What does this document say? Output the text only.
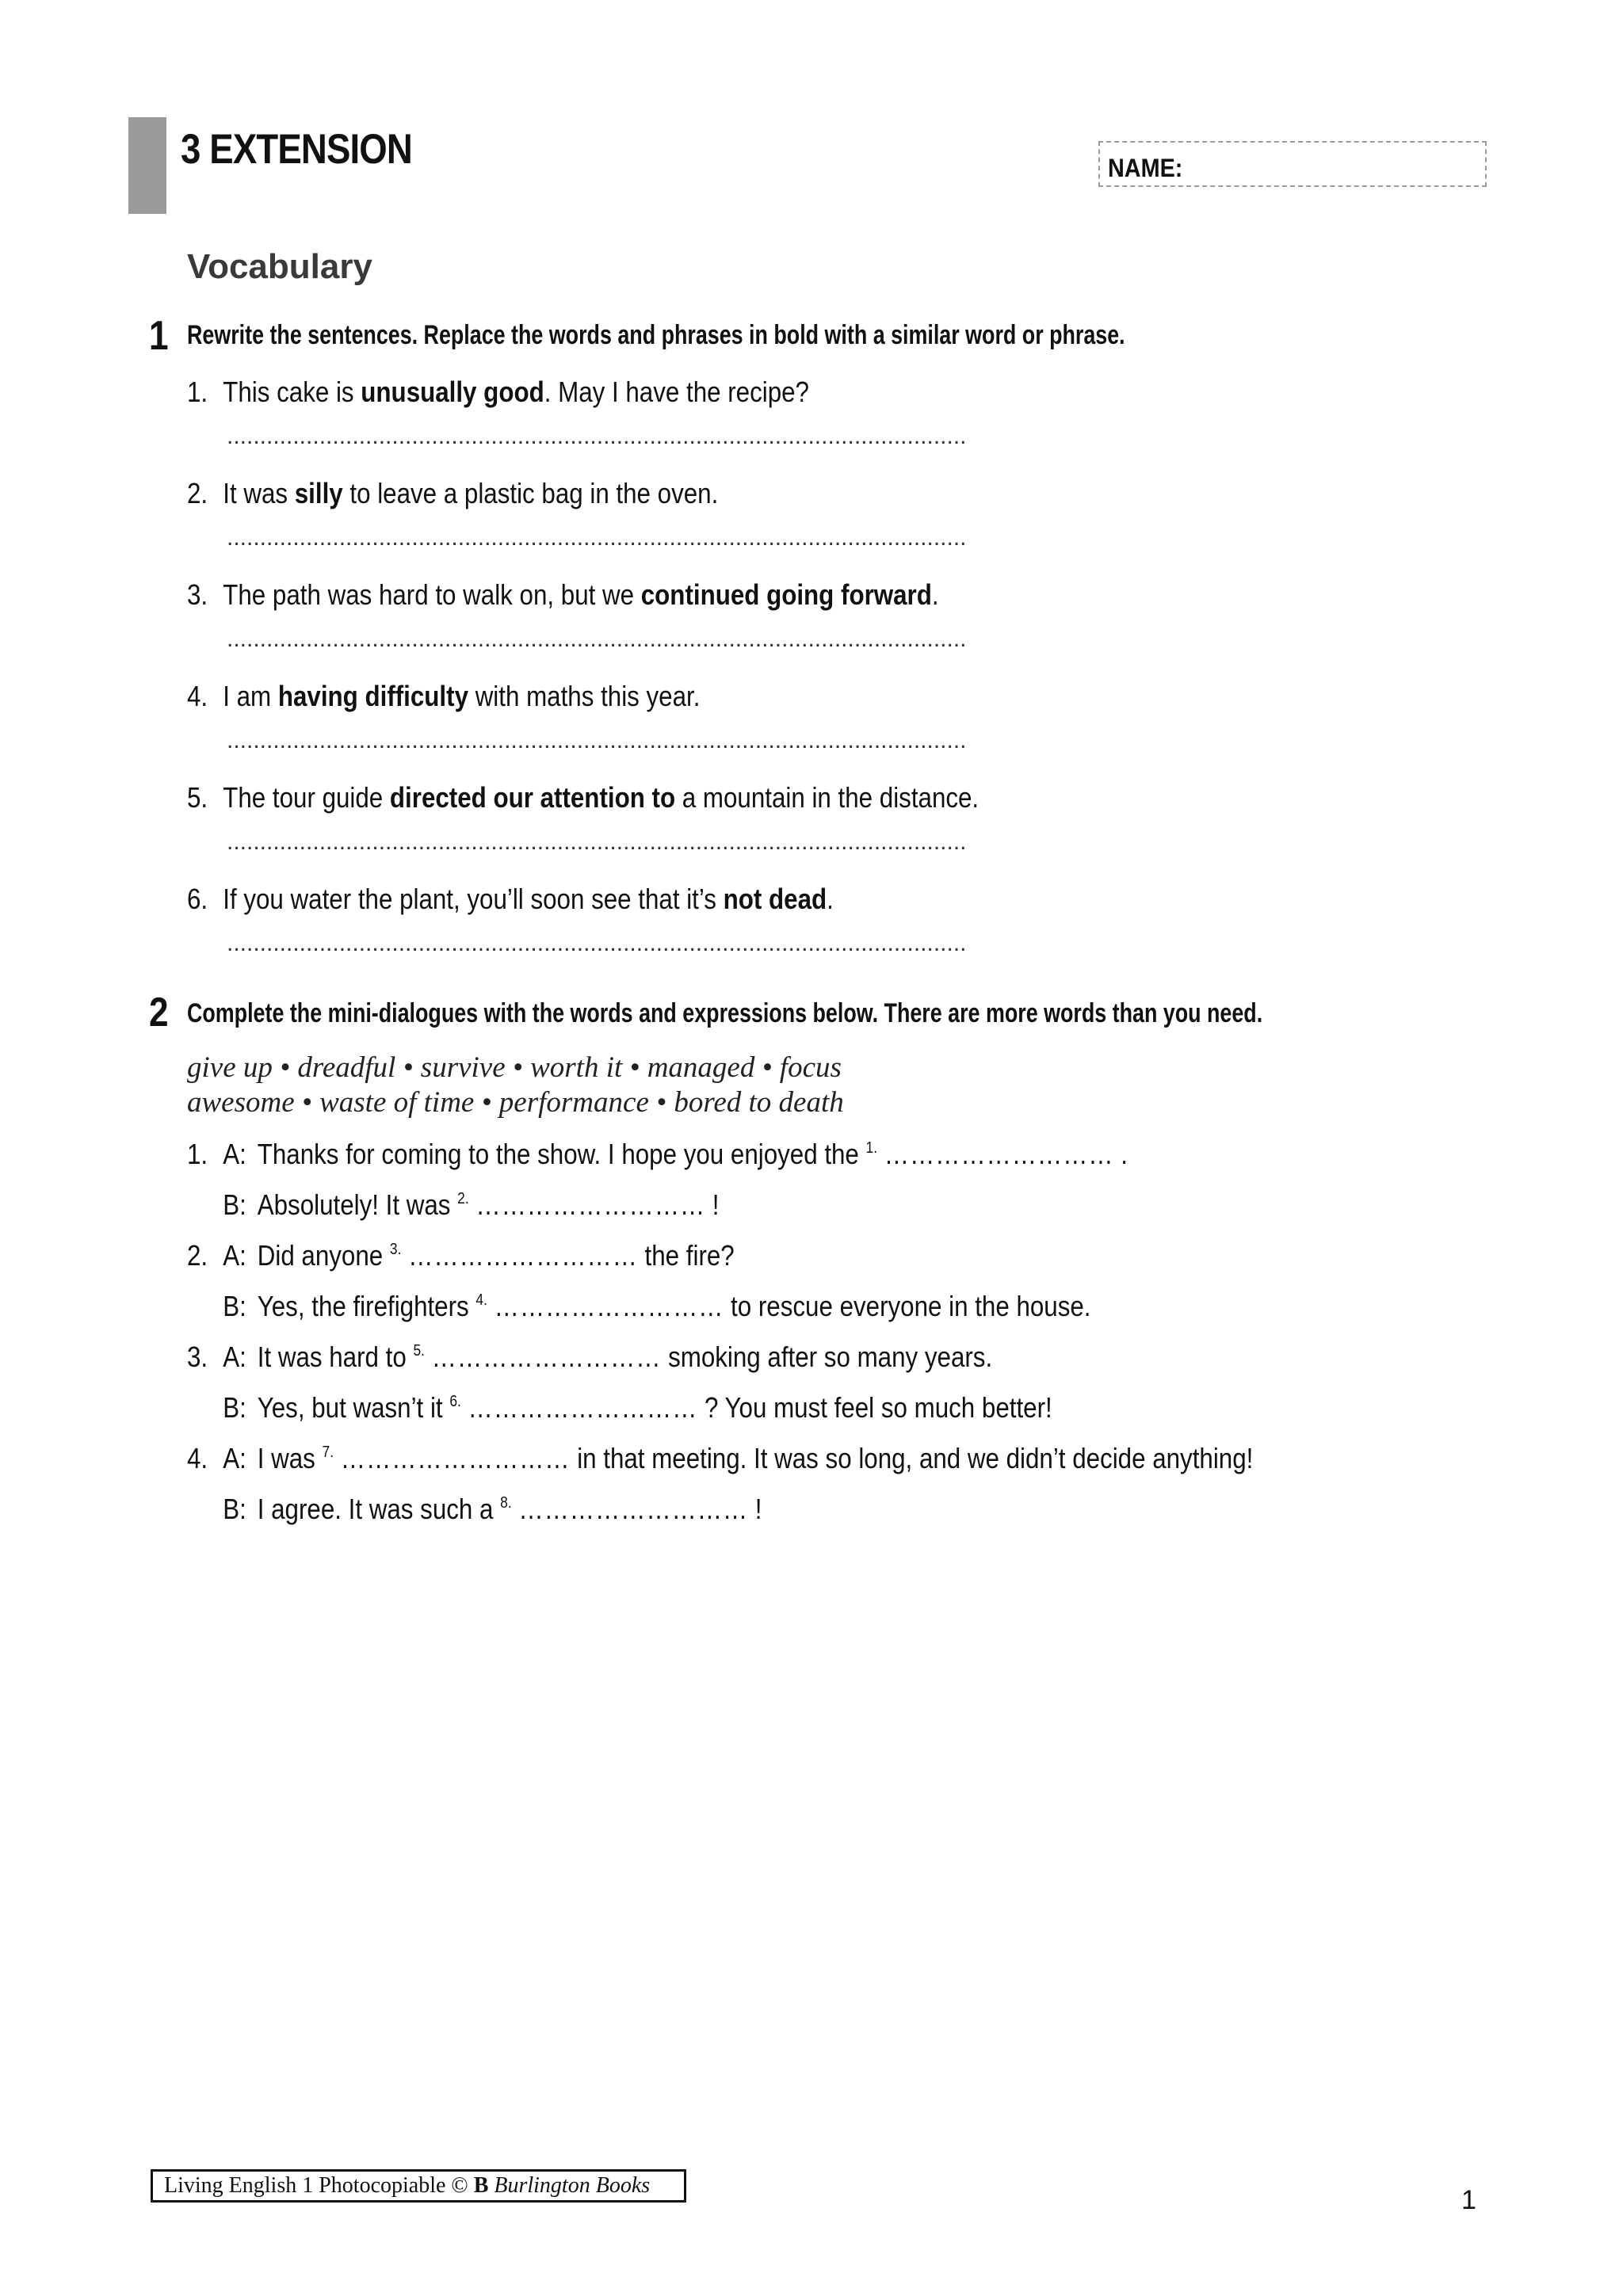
3 EXTENSION	NAME:
Vocabulary
1 Rewrite the sentences. Replace the words and phrases in bold with a similar word or phrase.
1. This cake is unusually good. May I have the recipe?
................................................................................................................
2. It was silly to leave a plastic bag in the oven.
................................................................................................................
3. The path was hard to walk on, but we continued going forward.
................................................................................................................
4. I am having difficulty with maths this year.
................................................................................................................
5. The tour guide directed our attention to a mountain in the distance.
................................................................................................................
6. If you water the plant, you’ll soon see that it’s not dead.
................................................................................................................
2 Complete the mini-dialogues with the words and expressions below. There are more words than you need.
give up • dreadful • survive • worth it • managed • focus
awesome • waste of time • performance • bored to death
1. A: Thanks for coming to the show. I hope you enjoyed the $^{1.}$ ……………………… .
B: Absolutely! It was $^{2.}$ ……………………… !
2. A: Did anyone $^{3.}$ ……………………… the fire?
B: Yes, the firefighters $^{4.}$ ……………………… to rescue everyone in the house.
3. A: It was hard to $^{5.}$ ……………………… smoking after so many years.
B: Yes, but wasn’t it $^{6.}$ ……………………… ? You must feel so much better!
4. A: I was $^{7.}$ ……………………… in that meeting. It was so long, and we didn’t decide anything!
B: I agree. It was such a $^{8.}$ ……………………… !
Living English 1 Photocopiable © B Burlington Books	1
